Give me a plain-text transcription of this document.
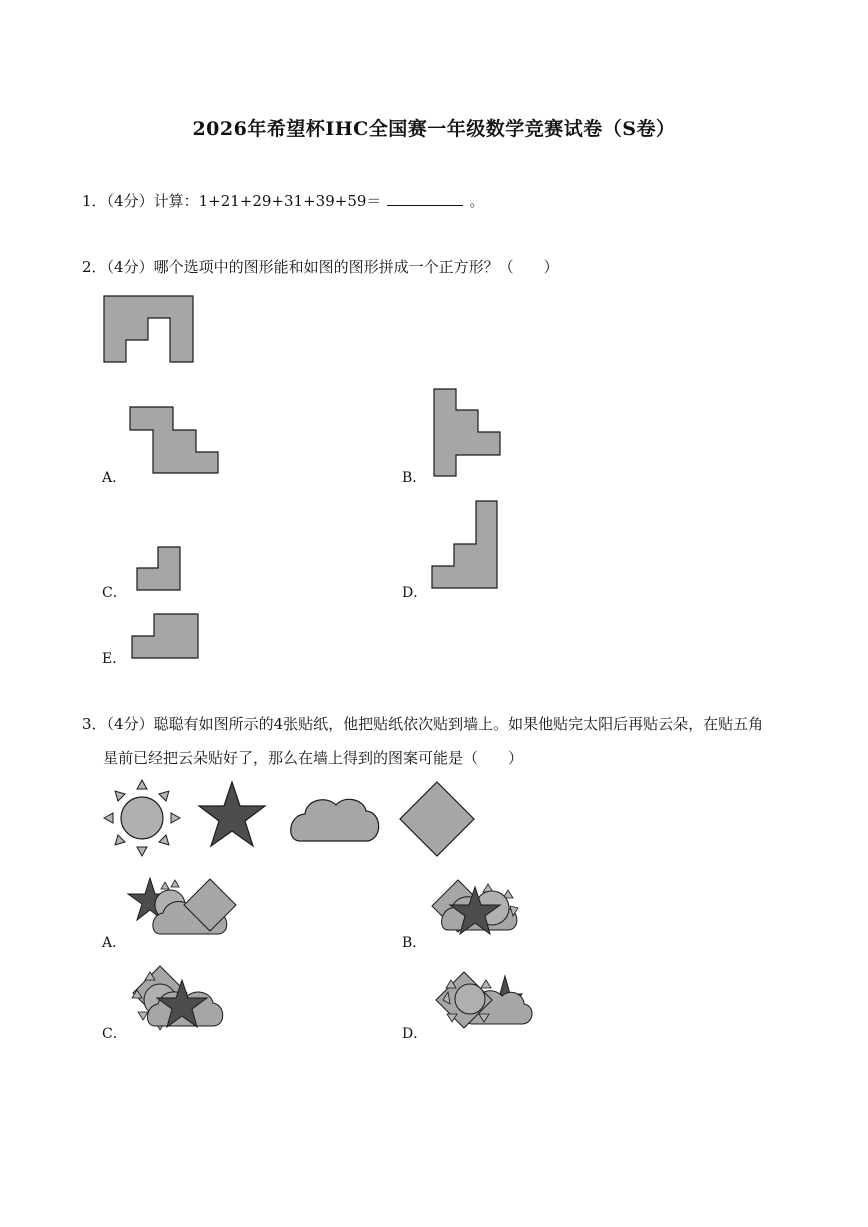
2026年希望杯IHC全国赛一年级数学竞赛试卷（S卷）
1．（4分）计算：1+21+29+31+39+59＝	。
2．（4分）哪个选项中的图形能和如图的图形拼成一个正方形？（　　）
A．	B．
C．	D．
E．
3．（4分）聪聪有如图所示的4张贴纸，他把贴纸依次贴到墙上。如果他贴完太阳后再贴云朵，在贴五角
星前已经把云朵贴好了，那么在墙上得到的图案可能是（　　）
A．	B．
C．	D．
